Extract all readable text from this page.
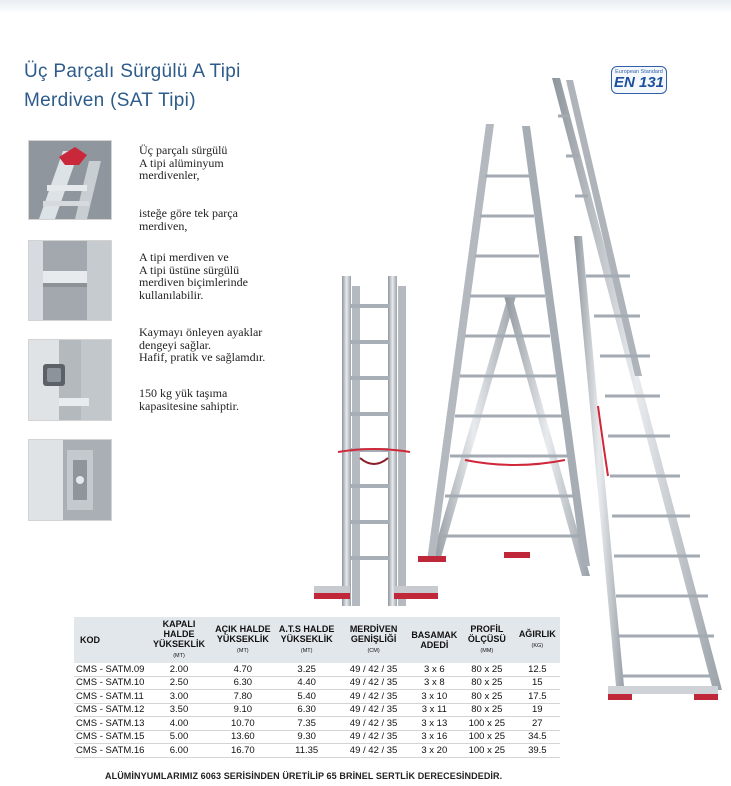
Üç Parçalı Sürgülü A Tipi
Merdiven (SAT Tipi)
European Standard
EN 131
Üç parçalı sürgülü
A tipi alüminyum
merdivenler,
isteğe göre tek parça
merdiven,
A tipi merdiven ve
A tipi üstüne sürgülü
merdiven biçimlerinde
kullanılabilir.
Kaymayı önleyen ayaklar
dengeyi sağlar.
Hafif, pratik ve sağlamdır.
150 kg yük taşıma
kapasitesine sahiptir.
KOD	KAPALI HALDE
YÜKSEKLİK
(MT)	AÇIK HALDE
YÜKSEKLİK
(MT)	A.T.S HALDE
YÜKSEKLİK
(MT)	MERDİVEN
GENİŞLİĞİ
(CM)	BASAMAK
ADEDİ	PROFİL
ÖLÇÜSÜ
(MM)	AĞIRLIK
(KG)

CMS - SATM.09	2.00	4.70	3.25	49 / 42 / 35	3 x 6	80 x 25	12.5
CMS - SATM.10	2.50	6.30	4.40	49 / 42 / 35	3 x 8	80 x 25	15
CMS - SATM.11	3.00	7.80	5.40	49 / 42 / 35	3 x 10	80 x 25	17.5
CMS - SATM.12	3.50	9.10	6.30	49 / 42 / 35	3 x 11	80 x 25	19
CMS - SATM.13	4.00	10.70	7.35	49 / 42 / 35	3 x 13	100 x 25	27
CMS - SATM.15	5.00	13.60	9.30	49 / 42 / 35	3 x 16	100 x 25	34.5
CMS - SATM.16	6.00	16.70	11.35	49 / 42 / 35	3 x 20	100 x 25	39.5
ALÜMİNYUMLARIMIZ 6063 SERİSİNDEN ÜRETİLİP 65 BRİNEL SERTLİK DERECESİNDEDİR.
